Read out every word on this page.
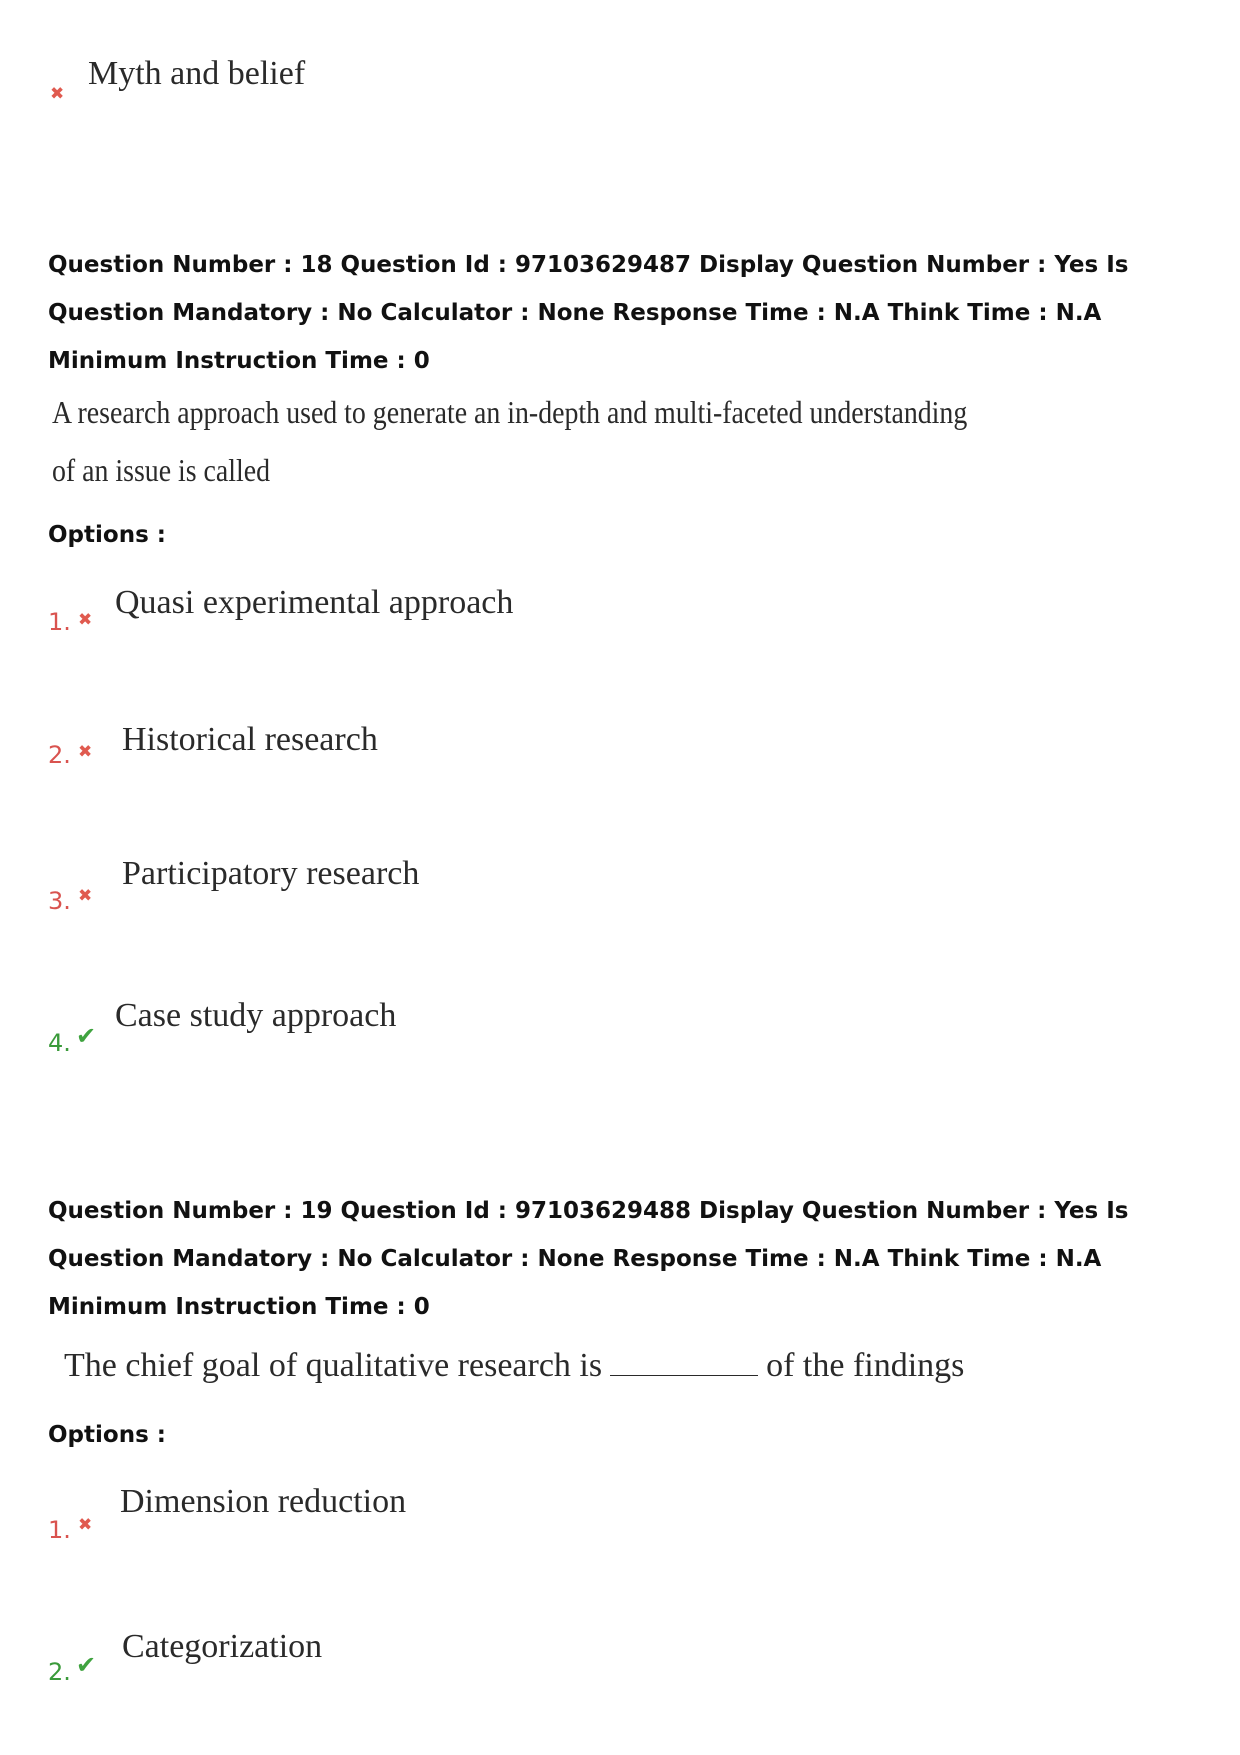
✖
Myth and belief
Question Number : 18 Question Id : 97103629487 Display Question Number : Yes Is Question Mandatory : No Calculator : None Response Time : N.A Think Time : N.A Minimum Instruction Time : 0
A research approach used to generate an in-depth and multi-faceted understanding
of an issue is called
Options :
1. ✖ Quasi experimental approach
2. ✖ Historical research
3. ✖
Participatory research
4. ✔
Case study approach
Question Number : 19 Question Id : 97103629488 Display Question Number : Yes Is Question Mandatory : No Calculator : None Response Time : N.A Think Time : N.A Minimum Instruction Time : 0
The chief goal of qualitative research is	of the findings
Options :
1. ✖
Dimension reduction
2. ✔ Categorization
